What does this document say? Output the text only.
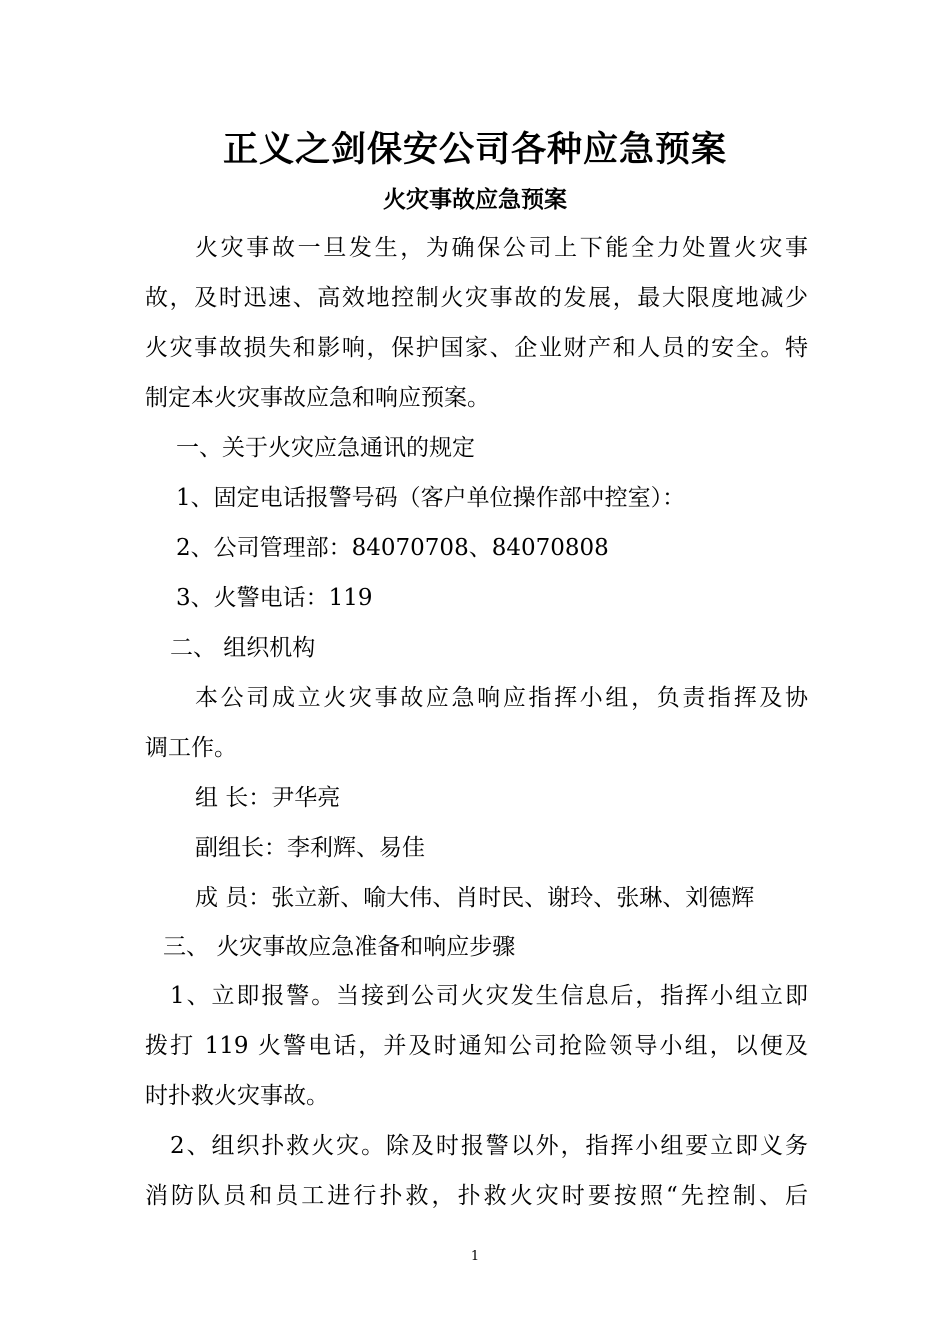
正义之剑保安公司各种应急预案
火灾事故应急预案
火灾事故一旦发生，为确保公司上下能全力处置火灾事
故，及时迅速、高效地控制火灾事故的发展，最大限度地减少
火灾事故损失和影响，保护国家、企业财产和人员的安全。特
制定本火灾事故应急和响应预案。
一、关于火灾应急通讯的规定
1、固定电话报警号码（客户单位操作部中控室）：
2、公司管理部：84070708、84070808
3、火警电话：119
二、 组织机构
本公司成立火灾事故应急响应指挥小组，负责指挥及协
调工作。
组 长：尹华亮
副组长：李利辉、易佳
成 员：张立新、喻大伟、肖时民、谢玲、张琳、刘德辉
三、 火灾事故应急准备和响应步骤
1、立即报警。当接到公司火灾发生信息后，指挥小组立即
拨打 119 火警电话，并及时通知公司抢险领导小组，以便及
时扑救火灾事故。
2、组织扑救火灾。除及时报警以外，指挥小组要立即义务
消防队员和员工进行扑救，扑救火灾时要按照“先控制、后
1
